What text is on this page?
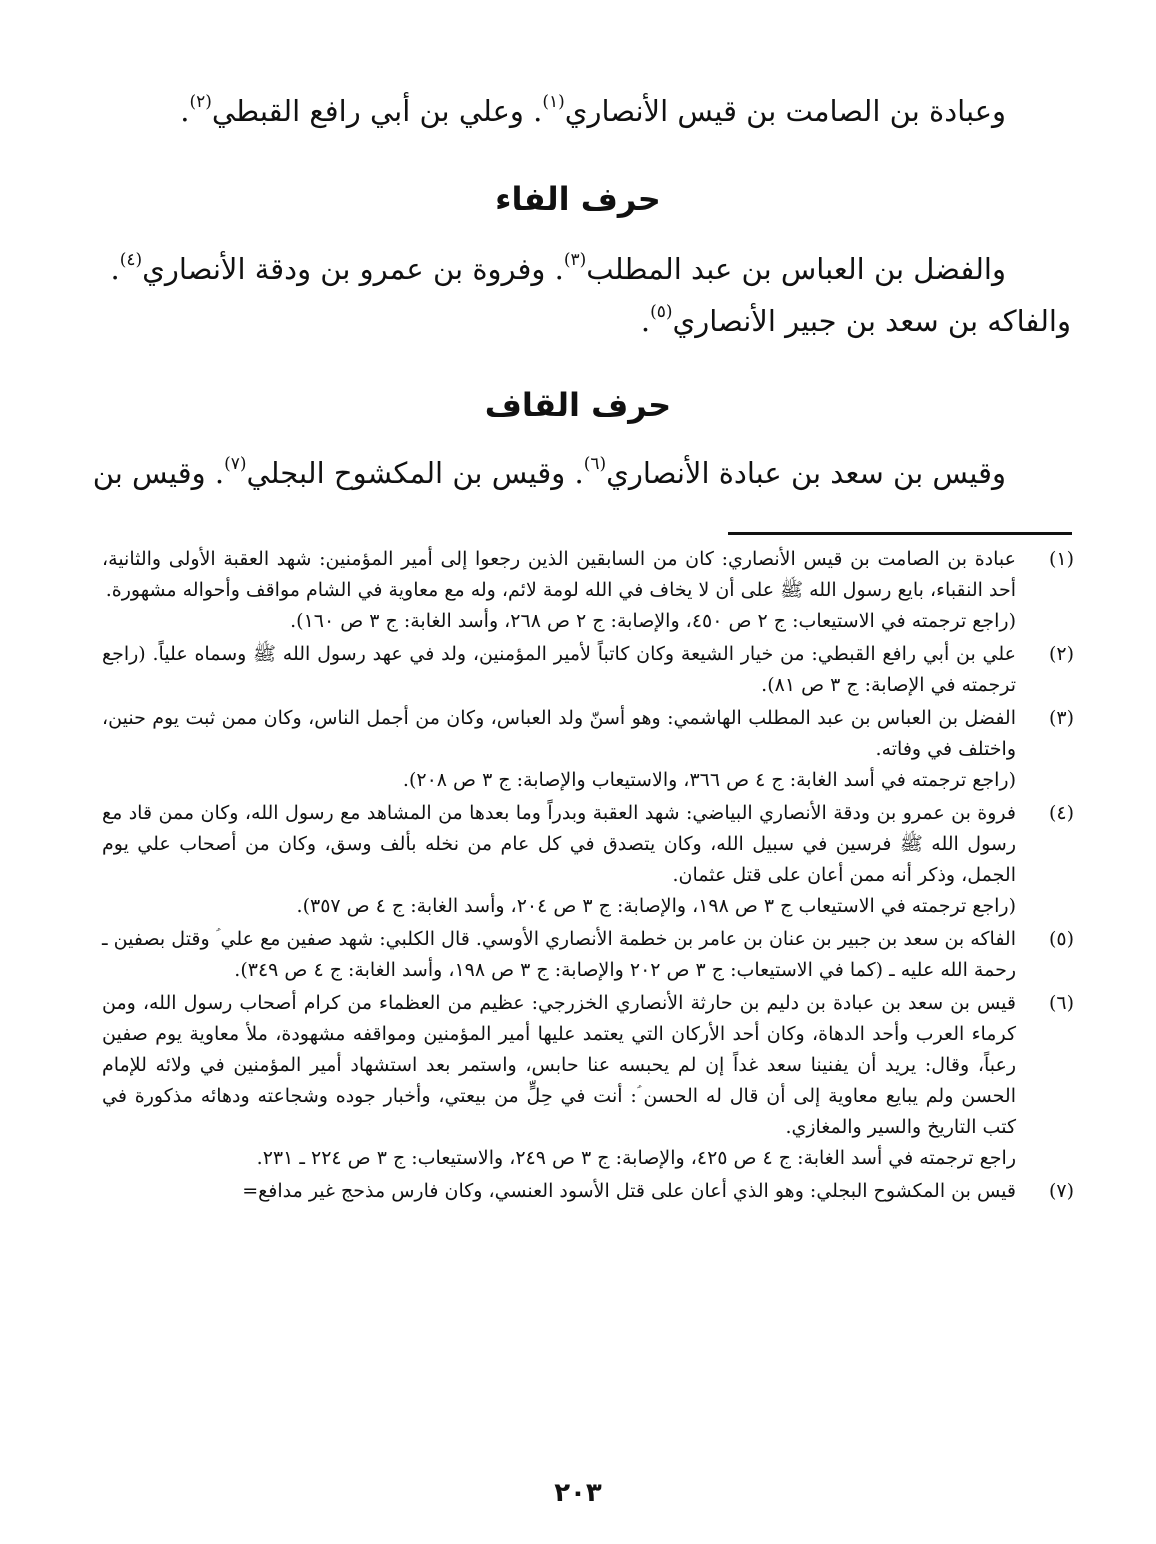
وعبادة بن الصامت بن قيس الأنصاري$^{(١)}$. وعلي بن أبي رافع القبطي$^{(٢)}$.
حرف الفاء
والفضل بن العباس بن عبد المطلب$^{(٣)}$. وفروة بن عمرو بن ودقة الأنصاري$^{(٤)}$.
والفاكه بن سعد بن جبير الأنصاري$^{(٥)}$.
حرف القاف
وقيس بن سعد بن عبادة الأنصاري$^{(٦)}$. وقيس بن المكشوح البجلي$^{(٧)}$. وقيس بن
(١)

عبادة بن الصامت بن قيس الأنصاري: كان من السابقين الذين رجعوا إلى أمير المؤمنين: شهد العقبة الأولى والثانية، أحد النقباء، بايع رسول الله ﷺ على أن لا يخاف في الله لومة لائم، وله مع معاوية في الشام مواقف وأحواله مشهورة.

(راجع ترجمته في الاستيعاب: ج ٢ ص ٤٥٠، والإصابة: ج ٢ ص ٢٦٨، وأسد الغابة: ج ٣ ص ١٦٠).

(٢)

علي بن أبي رافع القبطي: من خيار الشيعة وكان كاتباً لأمير المؤمنين، ولد في عهد رسول الله ﷺ وسماه علياً. (راجع ترجمته في الإصابة: ج ٣ ص ٨١).

(٣)

الفضل بن العباس بن عبد المطلب الهاشمي: وهو أسنّ ولد العباس، وكان من أجمل الناس، وكان ممن ثبت يوم حنين، واختلف في وفاته.

(راجع ترجمته في أسد الغابة: ج ٤ ص ٣٦٦، والاستيعاب والإصابة: ج ٣ ص ٢٠٨).

(٤)

فروة بن عمرو بن ودقة الأنصاري البياضي: شهد العقبة وبدراً وما بعدها من المشاهد مع رسول الله، وكان ممن قاد مع رسول الله ﷺ فرسين في سبيل الله، وكان يتصدق في كل عام من نخله بألف وسق، وكان من أصحاب علي يوم الجمل، وذكر أنه ممن أعان على قتل عثمان.

(راجع ترجمته في الاستيعاب ج ٣ ص ١٩٨، والإصابة: ج ٣ ص ٢٠٤، وأسد الغابة: ج ٤ ص ٣٥٧).

(٥)

الفاكه بن سعد بن جبير بن عنان بن عامر بن خطمة الأنصاري الأوسي. قال الكلبي: شهد صفين مع علي ؑ وقتل بصفين ـ رحمة الله عليه ـ (كما في الاستيعاب: ج ٣ ص ٢٠٢ والإصابة: ج ٣ ص ١٩٨، وأسد الغابة: ج ٤ ص ٣٤٩).

(٦)

قيس بن سعد بن عبادة بن دليم بن حارثة الأنصاري الخزرجي: عظيم من العظماء من كرام أصحاب رسول الله، ومن كرماء العرب وأحد الدهاة، وكان أحد الأركان التي يعتمد عليها أمير المؤمنين ومواقفه مشهودة، ملأ معاوية يوم صفين رعباً، وقال: يريد أن يفنينا سعد غداً إن لم يحبسه عنا حابس، واستمر بعد استشهاد أمير المؤمنين في ولائه للإمام الحسن ولم يبايع معاوية إلى أن قال له الحسن ؑ: أنت في حِلٍّ من بيعتي، وأخبار جوده وشجاعته ودهائه مذكورة في كتب التاريخ والسير والمغازي.

راجع ترجمته في أسد الغابة: ج ٤ ص ٤٢٥، والإصابة: ج ٣ ص ٢٤٩، والاستيعاب: ج ٣ ص ٢٢٤ ـ ٢٣١.

(٧)

قيس بن المكشوح البجلي: وهو الذي أعان على قتل الأسود العنسي، وكان فارس مذحج غير مدافع=

٢٠٣
